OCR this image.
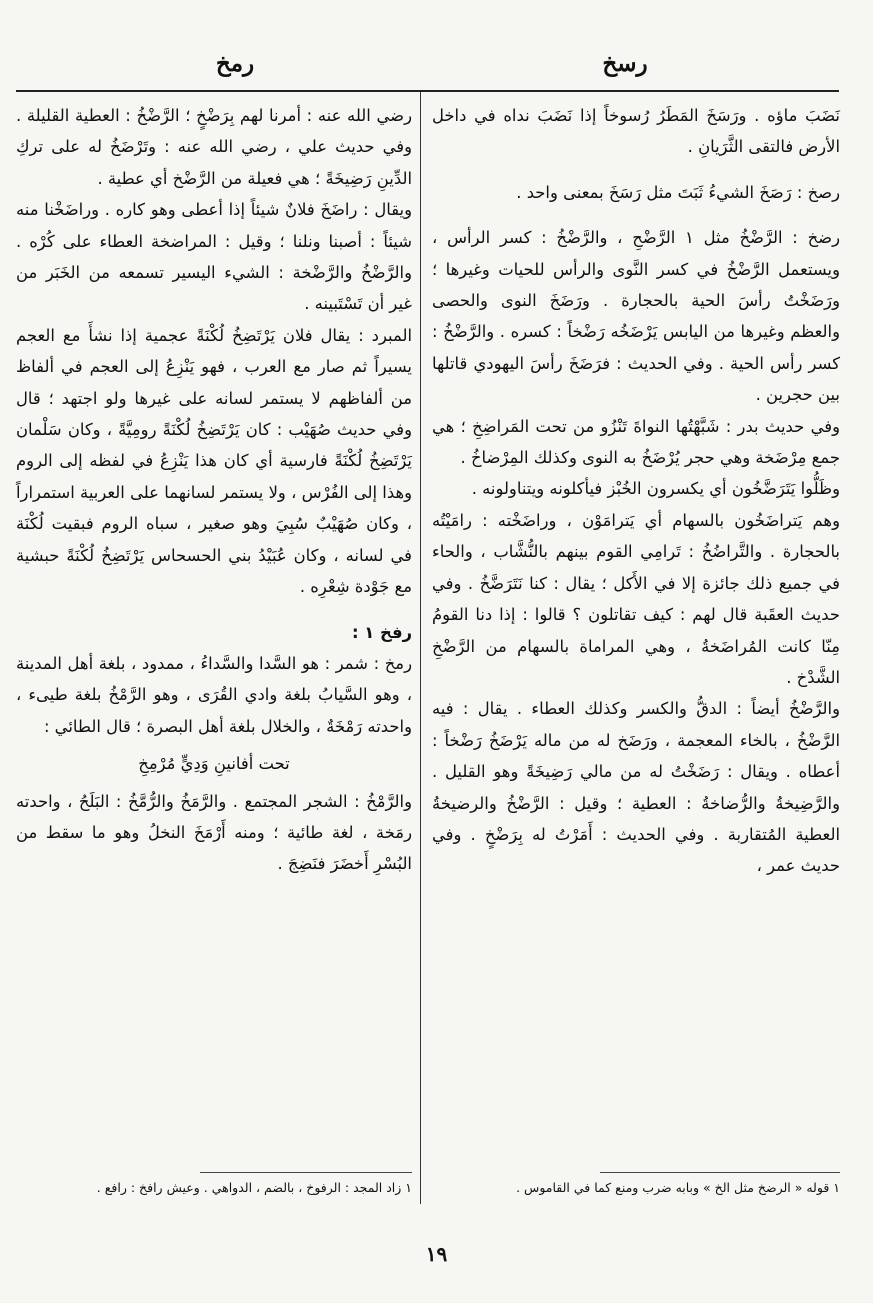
رسخ
رمخ

نَضَبَ ماؤه . ورَسَخَ المَطَرُ رُسوخاً إذا نَضَبَ نداه في داخل الأرض فالتقى الثَّرَيانِ .

رصخ : رَصَخَ الشيءُ ثَبَتَ مثل رَسَخَ بمعنى واحد .

رضخ : الرَّضْخُ مثل ١ الرَّضْحِ ، والرَّضْخُ : كسر الرأس ، ويستعمل الرَّضْخُ في كسر النَّوى والرأس للحيات وغيرها ؛ ورَضَخْتُ رأسَ الحية بالحجارة . ورَضَخَ النوى والحصى والعظم وغيرها من اليابس يَرْضَخُه رَضْخاً : كسره . والرَّضْخُ : كسر رأس الحية . وفي الحديث : فرَضَخَ رأسَ اليهودي قاتلها بين حجرين .

وفي حديث بدر : شَبَّهْتُها النواةَ تَنْزُو من تحت المَراضِخِ ؛ هي جمع مِرْضَخة وهي حجر يُرْضَخُ به النوى وكذلك المِرْضاخُ .

وظَلُّوا يَتَرَضَّخُون أي يكسرون الخُبْز فيأكلونه ويتناولونه .

وهم يَتراضَخُون بالسهام أي يَترامَوْن ، وراضَخْته : رامَيْتُه بالحجارة . والتَّراضُخُ : تَرامِي القوم بينهم بالنُّشَّاب ، والحاء في جميع ذلك جائزة إلا في الأَكل ؛ يقال : كنا نَتَرَضَّخُ . وفي حديث العقَبة قال لهم : كيف تقاتلون ؟ قالوا : إذا دنا القومُ مِنّا كانت المُراضَخةُ ، وهي المراماة بالسهام من الرَّضْخِ الشَّدْخ .

والرَّضْخُ أيضاً : الدقُّ والكسر وكذلك العطاء . يقال : فيه الرَّضْخُ ، بالخاء المعجمة ، ورَضَخ له من ماله يَرْضَخُ رَضْخاً : أعطاه . ويقال : رَضَخْتُ له من مالي رَضِيخَةً وهو القليل . والرَّضِيخةُ والرُّضاخةُ : العطية ؛ وقيل : الرَّضْخُ والرضيخةُ العطية المُتقاربة . وفي الحديث : أَمَرْتُ له بِرَضْخٍ . وفي حديث عمر ،

رضي الله عنه : أمرنا لهم بِرَضْخٍ ؛ الرَّضْخُ : العطية القليلة . وفي حديث علي ، رضي الله عنه : وتَرْضَخُ له على تركِ الدِّينِ رَضِيخَةً ؛ هي فعيلة من الرَّضْخ أي عطية .

ويقال : راضَخَ فلانٌ شيئاً إذا أعطى وهو كاره . وراضَخْنا منه شيئاً : أصبنا ونلنا ؛ وقيل : المراضخة العطاء على كُرْه . والرَّضْخُ والرَّضْخة : الشيء اليسير تسمعه من الخَبَر من غير أن تَسْتَبينه .

المبرد : يقال فلان يَرْتَضِخُ لُكْنَةً عجمية إذا نشأَ مع العجم يسيراً ثم صار مع العرب ، فهو يَنْزِعُ إلى العجم في ألفاظ من ألفاظهم لا يستمر لسانه على غيرها ولو اجتهد ؛ قال وفي حديث صُهَيْب : كان يَرْتَضِخُ لُكْنَةً رومِيَّةً ، وكان سَلْمان يَرْتَضِخُ لُكْنَةً فارسية أي كان هذا يَنْزِعُ في لفظه إلى الروم وهذا إلى الفُرْس ، ولا يستمر لسانهما على العربية استمراراً ، وكان صُهَيْبٌ سُبِيَ وهو صغير ، سباه الروم فبقيت لُكْنَة في لسانه ، وكان عُبَيْدُ بني الحسحاس يَرْتَضِخُ لُكْنَةً حبشية مع جَوْدة شِعْرِه .

رفخ ١ :

رمخ : شمر : هو السَّدا والسَّداءُ ، ممدود ، بلغة أهل المدينة ، وهو السَّيابُ بلغة وادي القُرَى ، وهو الرَّمْخُ بلغة طيىء ، واحدته رَمْخَةٌ ، والخلال بلغة أهل البصرة ؛ قال الطائي :

تحت أفانينِ وَدِيٍّ مُرْمِخِ

والرَّمْخُ : الشجر المجتمع . والرَّمَخُ والرُّمَّخُ : البَلَحُ ، واحدته رمَخة ، لغة طائية ؛ ومنه أَرْمَخَ النخلُ وهو ما سقط من البُسْرِ أَخضَرَ فنَضِجَ .

١ قوله « الرضخ مثل الخ » وبابه ضرب ومنع كما في القاموس .
١ زاد المجد : الرفوخ ، بالضم ، الدواهي . وعيش رافخ : رافع .
١٩
